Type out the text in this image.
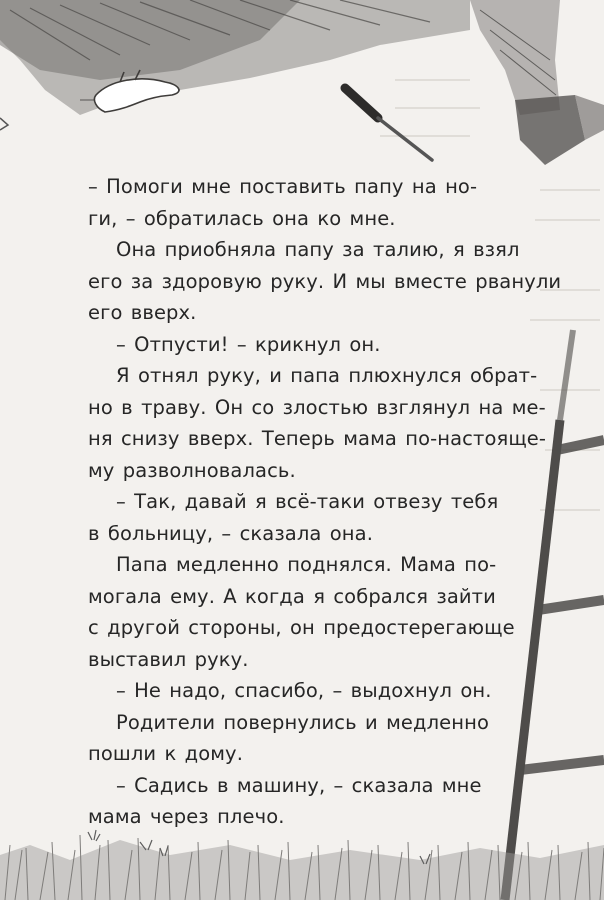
– Помоги мне поставить папу на но-
ги, – обратилась она ко мне.
Она приобняла папу за талию, я взял
его за здоровую руку. И мы вместе рванули
его вверх.
– Отпусти! – крикнул он.
Я отнял руку, и папа плюхнулся обрат-
но в траву. Он со злостью взглянул на ме-
ня снизу вверх. Теперь мама по-настояще-
му разволновалась.
– Так, давай я всё-таки отвезу тебя
в больницу, – сказала она.
Папа медленно поднялся. Мама по-
могала ему. А когда я собрался зайти
с другой стороны, он предостерегающе
выставил руку.
– Не надо, спасибо, – выдохнул он.
Родители повернулись и медленно
пошли к дому.
– Садись в машину, – сказала мне
мама через плечо.
